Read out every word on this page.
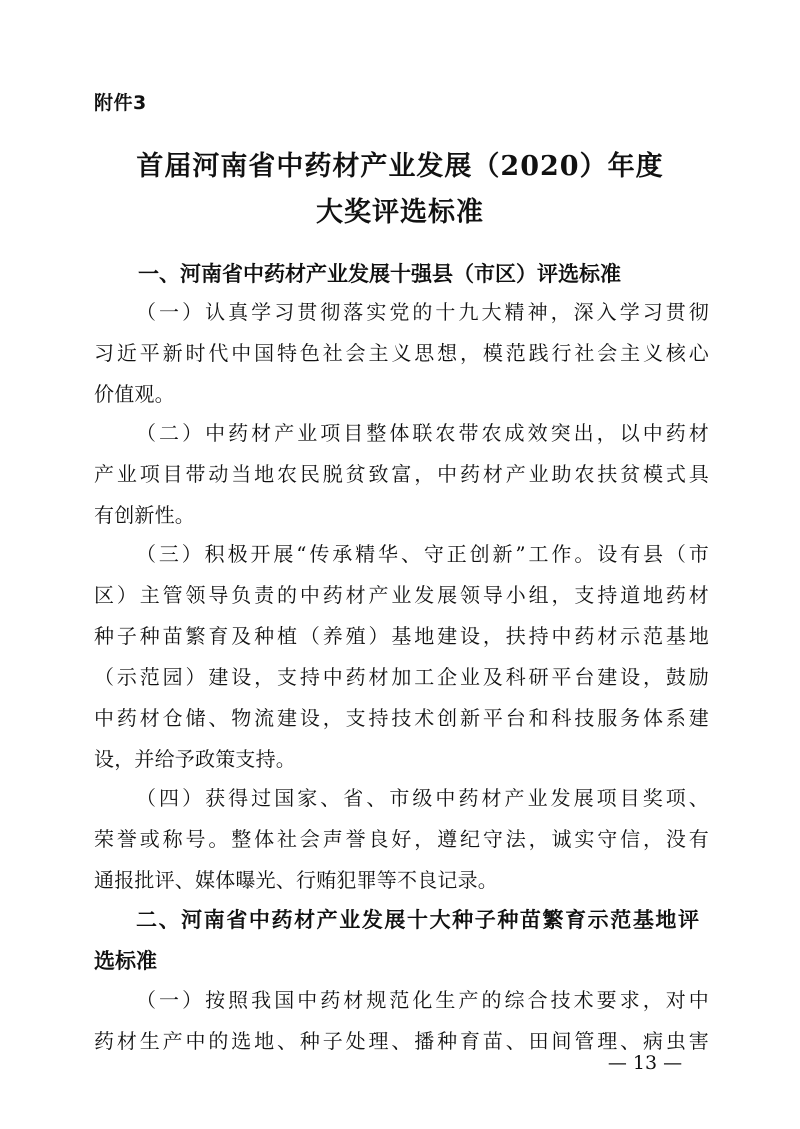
附件3
首届河南省中药材产业发展（2020）年度
大奖评选标准
一、河南省中药材产业发展十强县（市区）评选标准
（一）认真学习贯彻落实党的十九大精神，深入学习贯彻
习近平新时代中国特色社会主义思想，模范践行社会主义核心
价值观。
（二）中药材产业项目整体联农带农成效突出，以中药材
产业项目带动当地农民脱贫致富，中药材产业助农扶贫模式具
有创新性。
（三）积极开展“传承精华、守正创新”工作。设有县（市
区）主管领导负责的中药材产业发展领导小组，支持道地药材
种子种苗繁育及种植（养殖）基地建设，扶持中药材示范基地
（示范园）建设，支持中药材加工企业及科研平台建设，鼓励
中药材仓储、物流建设，支持技术创新平台和科技服务体系建
设，并给予政策支持。
（四）获得过国家、省、市级中药材产业发展项目奖项、
荣誉或称号。整体社会声誉良好，遵纪守法，诚实守信，没有
通报批评、媒体曝光、行贿犯罪等不良记录。
二、河南省中药材产业发展十大种子种苗繁育示范基地评
选标准
（一）按照我国中药材规范化生产的综合技术要求，对中
药材生产中的选地、种子处理、播种育苗、田间管理、病虫害
— 13 —
